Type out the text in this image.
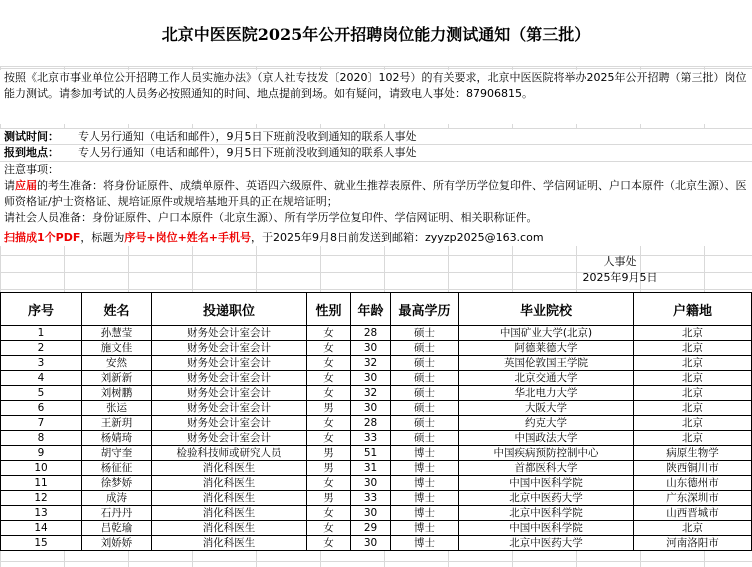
北京中医医院2025年公开招聘岗位能力测试通知（第三批）
按照《北京市事业单位公开招聘工作人员实施办法》（京人社专技发〔2020〕102号）的有关要求，北京中医医院将举办2025年公开招聘（第三批）岗位能力测试。请参加考试的人员务必按照通知的时间、地点提前到场。如有疑问，请致电人事处：87906815。
测试时间：	专人另行通知（电话和邮件），9月5日下班前没收到通知的联系人事处
报到地点：	专人另行通知（电话和邮件），9月5日下班前没收到通知的联系人事处
注意事项：
请应届的考生准备：将身份证原件、成绩单原件、英语四六级原件、就业生推荐表原件、所有学历学位复印件、学信网证明、户口本原件（北京生源）、医师资格证/护士资格证、规培证原件或规培基地开具的正在规培证明；
请社会人员准备：身份证原件、户口本原件（北京生源）、所有学历学位复印件、学信网证明、相关职称证件。
扫描成1个PDF，标题为序号+岗位+姓名+手机号，于2025年9月8日前发送到邮箱：zyyzp2025@163.com
人事处
2025年9月5日
序号	姓名	投递职位	性别	年龄	最高学历	毕业院校	户籍地
1	孙慧莹	财务处会计室会计	女	28	硕士	中国矿业大学(北京)	北京
2	施文佳	财务处会计室会计	女	30	硕士	阿德莱德大学	北京
3	安然	财务处会计室会计	女	32	硕士	英国伦敦国王学院	北京
4	刘新新	财务处会计室会计	女	30	硕士	北京交通大学	北京
5	刘树鹏	财务处会计室会计	女	32	硕士	华北电力大学	北京
6	张运	财务处会计室会计	男	30	硕士	大阪大学	北京
7	王新玥	财务处会计室会计	女	28	硕士	约克大学	北京
8	杨婧琦	财务处会计室会计	女	33	硕士	中国政法大学	北京
9	胡守奎	检验科技师或研究人员	男	51	博士	中国疾病预防控制中心	病原生物学
10	杨征征	消化科医生	男	31	博士	首都医科大学	陕西铜川市
11	徐梦娇	消化科医生	女	30	博士	中国中医科学院	山东德州市
12	成涛	消化科医生	男	33	博士	北京中医药大学	广东深圳市
13	石丹丹	消化科医生	女	30	博士	北京中医科学院	山西晋城市
14	吕乾瑜	消化科医生	女	29	博士	中国中医科学院	北京
15	刘娇娇	消化科医生	女	30	博士	北京中医药大学	河南洛阳市
